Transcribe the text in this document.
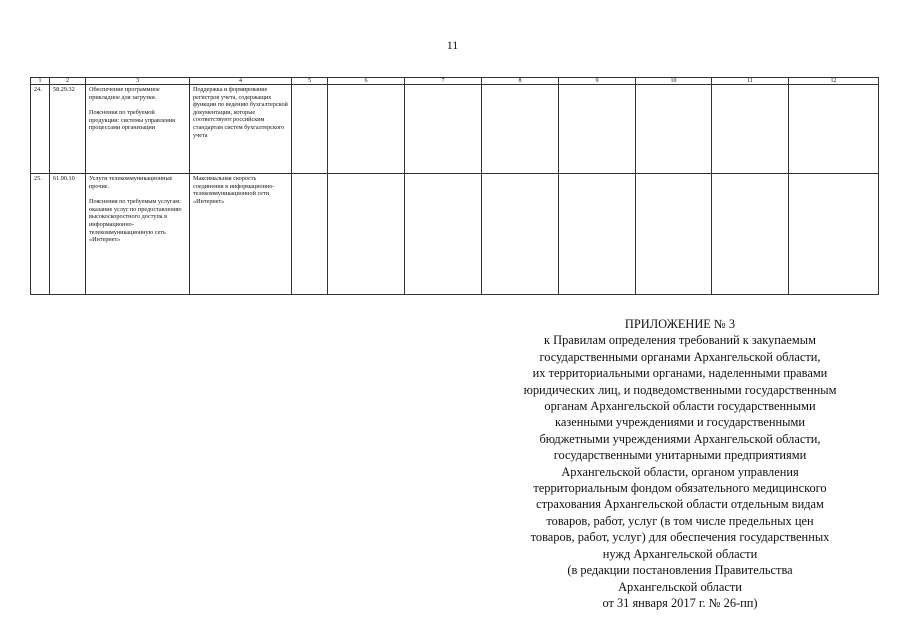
11
1	2	3	4	5	6	7	8	9	10	11	12
24.	58.29.32	Обеспечение программное прикладное для загрузки.

Пояснения по требуемой продукции: системы управления процессами организации	Поддержка и формирование регистров учета, содержащих функции по ведению бухгалтерской документации, которые соответствуют российским стандартам систем бухгалтерского учета								
25.	61.90.10	Услуги телекоммуникационные прочие.

Пояснения по требуемым услугам: оказание услуг по предоставлению высокоскоростного доступа в информационно-телекоммуникационную сеть «Интернет»	Максимальная скорость соединения в информационно-телекоммуникационной сети «Интернет»								
ПРИЛОЖЕНИЕ № 3
к Правилам определения требований к закупаемым
государственными органами Архангельской области,
их территориальными органами, наделенными правами
юридических лиц, и подведомственными государственным
органам Архангельской области государственными
казенными учреждениями и государственными
бюджетными учреждениями Архангельской области,
государственными унитарными предприятиями
Архангельской области, органом управления
территориальным фондом обязательного медицинского
страхования Архангельской области отдельным видам
товаров, работ, услуг (в том числе предельных цен
товаров, работ, услуг) для обеспечения государственных
нужд Архангельской области
(в редакции постановления Правительства
Архангельской области
от 31 января 2017 г. № 26-пп)
